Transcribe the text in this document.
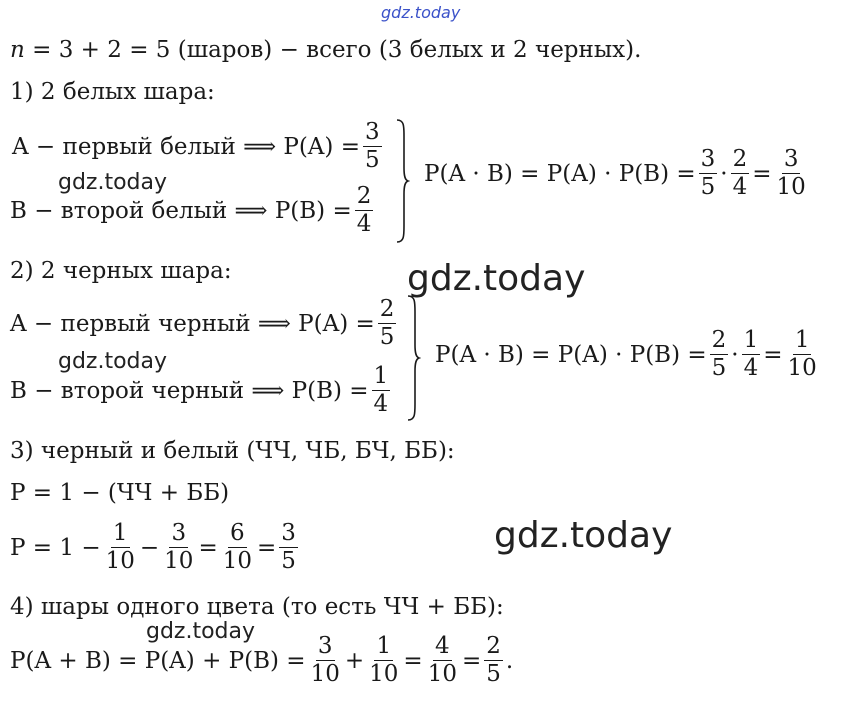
gdz.today
n = 3 + 2 = 5 (шаров) − всего (3 белых и 2 черных).
1) 2 белых шара:
A − первый белый ⟹ $P(A) = \frac{3}{5}$
B − второй белый ⟹ $P(B) = \frac{2}{4}$
$P(A \cdot B) = P(A) \cdot P(B) = \frac{3}{5} \cdot \frac{2}{4} = \frac{3}{10}$
gdz.today
2) 2 черных шара:	gdz.today
A − первый черный ⟹ $P(A) = \frac{2}{5}$
B − второй черный ⟹ $P(B) = \frac{1}{4}$
$P(A \cdot B) = P(A) \cdot P(B) = \frac{2}{5} \cdot \frac{1}{4} = \frac{1}{10}$
gdz.today
3) черный и белый (ЧЧ, ЧБ, БЧ, ББ):
P = 1 − (ЧЧ + ББ)
$P = 1 - \frac{1}{10} - \frac{3}{10} = \frac{6}{10} = \frac{3}{5}$	gdz.today
4) шары одного цвета (то есть ЧЧ + ББ):
gdz.today
$P(A + B) = P(A) + P(B) = \frac{3}{10} + \frac{1}{10} = \frac{4}{10} = \frac{2}{5}$ .
